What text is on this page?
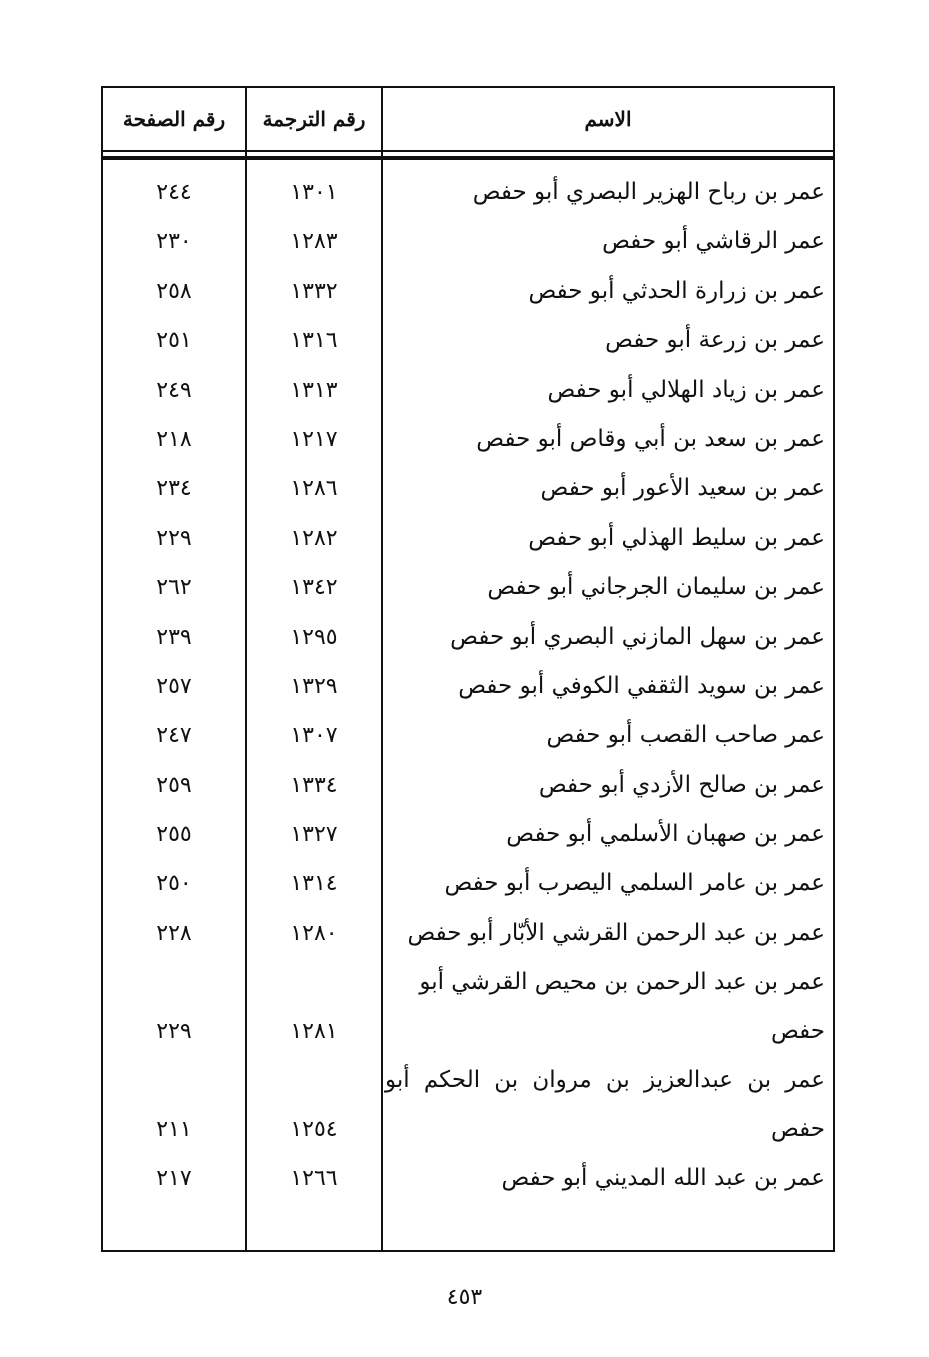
الاسم
رقم الترجمة
رقم الصفحة
عمر بن رباح الهزير البصري أبو حفص
١٣٠١
٢٤٤
عمر الرقاشي أبو حفص
١٢٨٣
٢٣٠
عمر بن زرارة الحدثي أبو حفص
١٣٣٢
٢٥٨
عمر بن زرعة أبو حفص
١٣١٦
٢٥١
عمر بن زياد الهلالي أبو حفص
١٣١٣
٢٤٩
عمر بن سعد بن أبي وقاص أبو حفص
١٢١٧
٢١٨
عمر بن سعيد الأعور أبو حفص
١٢٨٦
٢٣٤
عمر بن سليط الهذلي أبو حفص
١٢٨٢
٢٢٩
عمر بن سليمان الجرجاني أبو حفص
١٣٤٢
٢٦٢
عمر بن سهل المازني البصري أبو حفص
١٢٩٥
٢٣٩
عمر بن سويد الثقفي الكوفي أبو حفص
١٣٢٩
٢٥٧
عمر صاحب القصب أبو حفص
١٣٠٧
٢٤٧
عمر بن صالح الأزدي أبو حفص
١٣٣٤
٢٥٩
عمر بن صهبان الأسلمي أبو حفص
١٣٢٧
٢٥٥
عمر بن عامر السلمي اليصرب أبو حفص
١٣١٤
٢٥٠
عمر بن عبد الرحمن القرشي الأبّار أبو حفص
١٢٨٠
٢٢٨
عمر بن عبد الرحمن بن محيص القرشي أبو حفص
١٢٨١
٢٢٩
عمر بن عبدالعزيز بن مروان بن الحكم أبو حفص
١٢٥٤
٢١١
عمر بن عبد الله المديني أبو حفص
١٢٦٦
٢١٧
٤٥٣
